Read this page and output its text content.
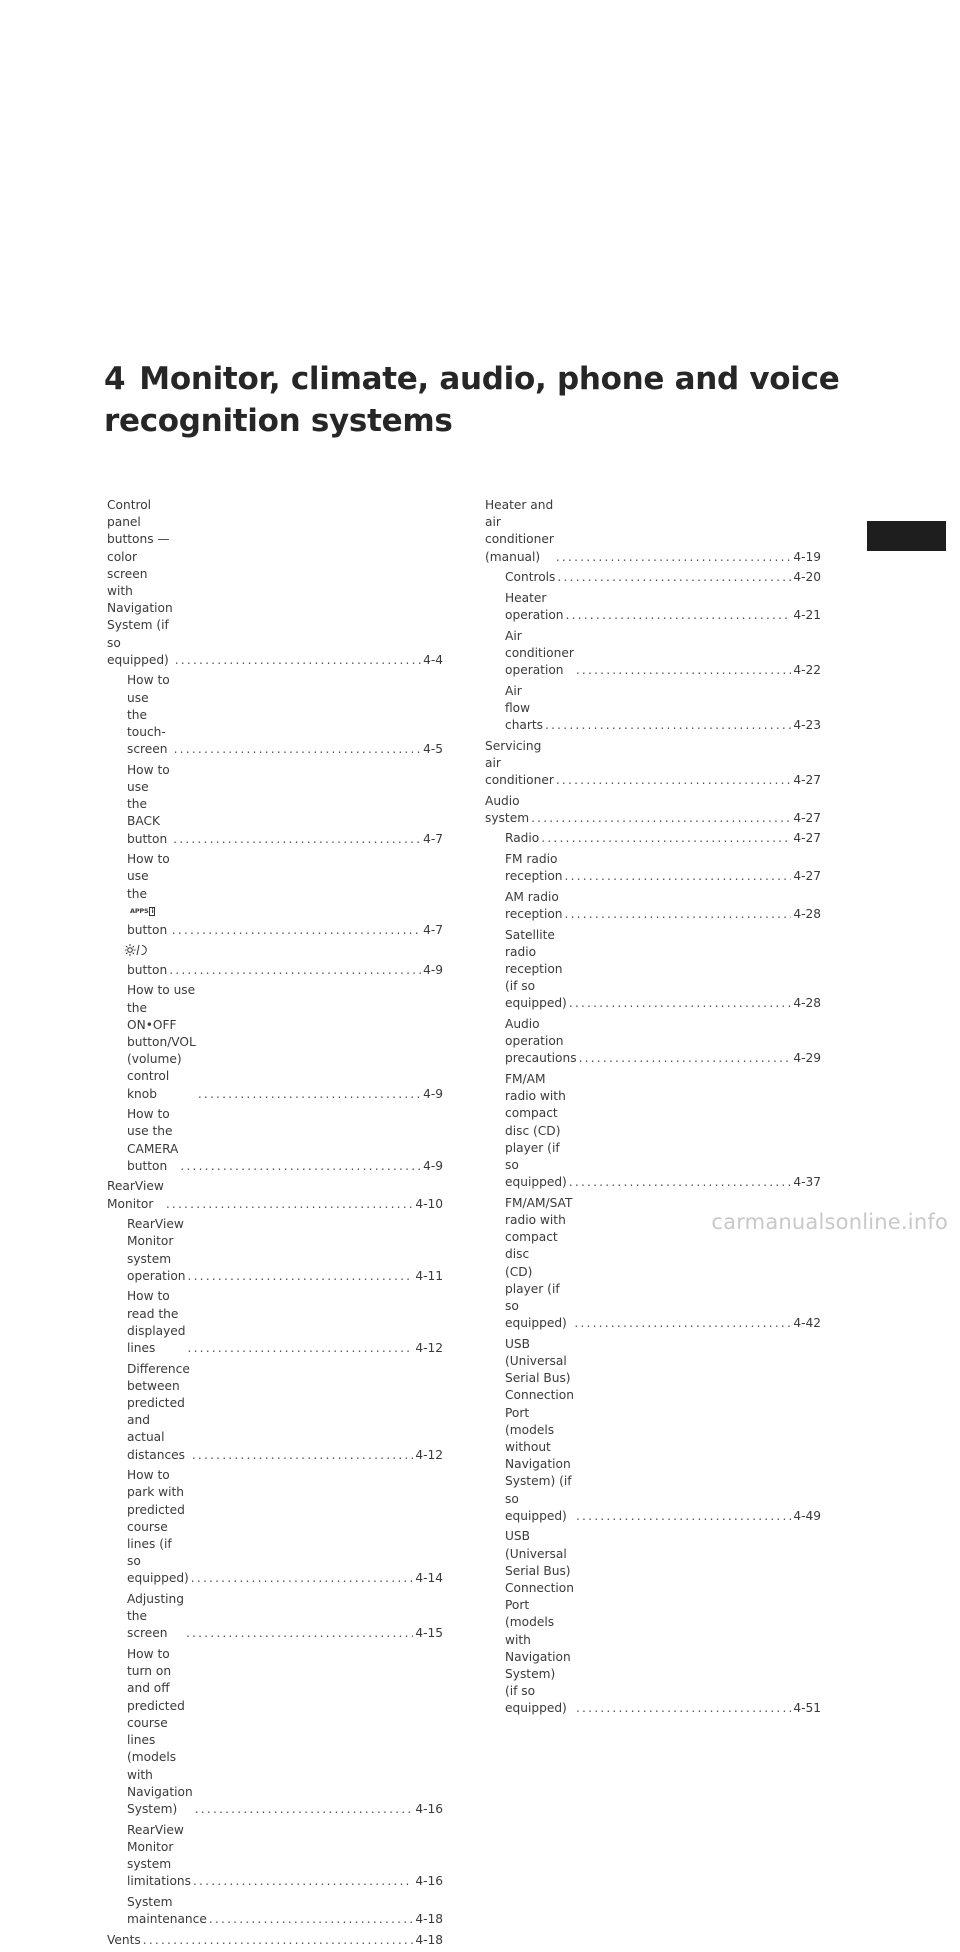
4 Monitor, climate, audio, phone and voice recognition systems
Control panel buttons — color screen with
Navigation System (if so equipped) .....	4-4
How to use the touch-screen .....	4-5
How to use the BACK button .....	4-7
How to use theAPPS ibutton .....	4-7
button .....	4-9
How to use the ON•OFF button/VOL
(volume) control knob .....	4-9
How to use the CAMERA button .....	4-9
RearView Monitor .....	4-10
RearView Monitor system operation .....	4-11
How to read the displayed lines .....	4-12
Difference between predicted and
actual distances .....	4-12
How to park with predicted course
lines (if so equipped) .....	4-14
Adjusting the screen .....	4-15
How to turn on and off predicted
course lines (models with Navigation
System) .....	4-16
RearView Monitor system limitations .....	4-16
System maintenance .....	4-18
Vents .....	4-18
Heater and air conditioner (manual) .....	4-19
Controls .....	4-20
Heater operation .....	4-21
Air conditioner operation .....	4-22
Air flow charts .....	4-23
Servicing air conditioner .....	4-27
Audio system .....	4-27
Radio .....	4-27
FM radio reception .....	4-27
AM radio reception .....	4-28
Satellite radio reception (if so equipped) .....	4-28
Audio operation precautions .....	4-29
FM/AM radio with compact disc (CD)
player (if so equipped) .....	4-37
FM/AM/SAT radio with compact disc
(CD) player (if so equipped) .....	4-42
USB (Universal Serial Bus) Connection
Port (models without Navigation
System) (if so equipped) .....	4-49
USB (Universal Serial Bus) Connection
Port (models with Navigation System)
(if so equipped) .....	4-51
carmanualsonline.info
